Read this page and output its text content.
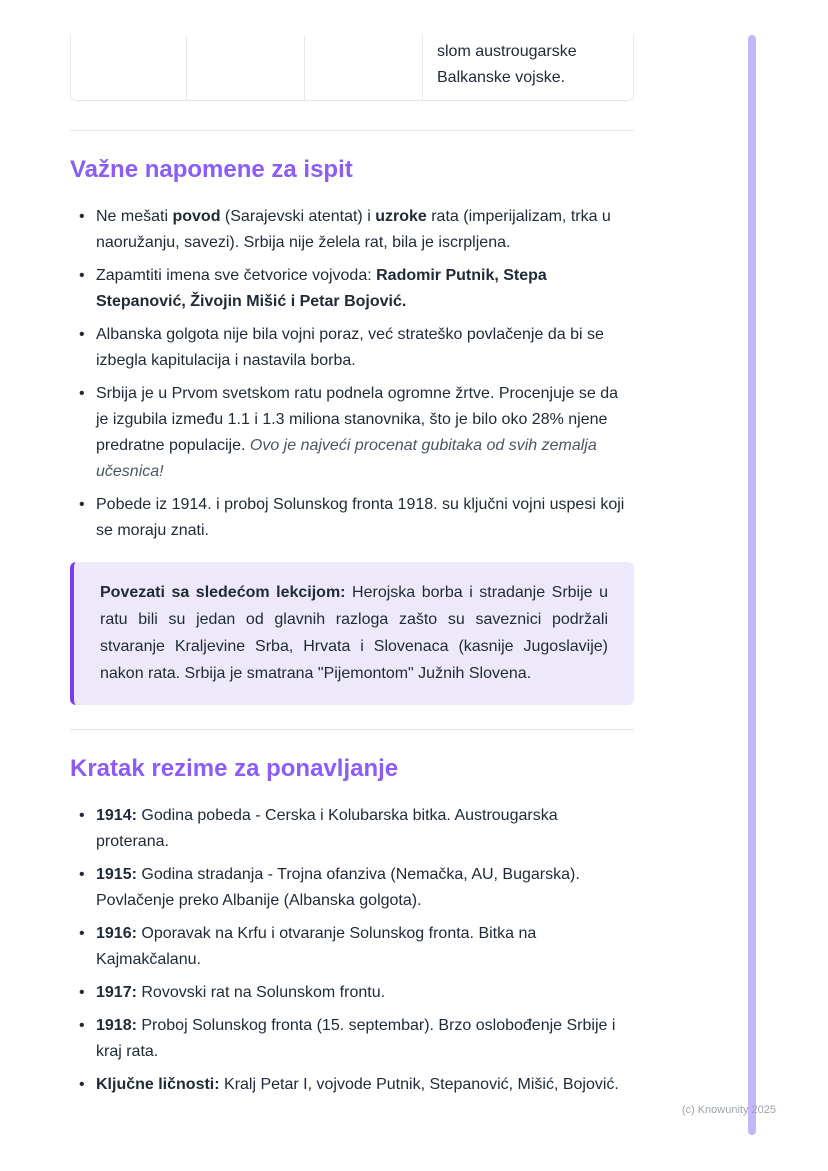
slom austrougarske Balkanske vojske.
Važne napomene za ispit
• Ne mešati povod (Sarajevski atentat) i uzroke rata (imperijalizam, trka u naoružanju, savezi). Srbija nije želela rat, bila je iscrpljena.
• Zapamtiti imena sve četvorice vojvoda: Radomir Putnik, Stepa Stepanović, Živojin Mišić i Petar Bojović.
• Albanska golgota nije bila vojni poraz, već strateško povlačenje da bi se izbegla kapitulacija i nastavila borba.
• Srbija je u Prvom svetskom ratu podnela ogromne žrtve. Procenjuje se da je izgubila između 1.1 i 1.3 miliona stanovnika, što je bilo oko 28% njene predratne populacije. Ovo je najveći procenat gubitaka od svih zemalja učesnica!
• Pobede iz 1914. i proboj Solunskog fronta 1918. su ključni vojni uspesi koji se moraju znati.

Povezati sa sledećom lekcijom: Herojska borba i stradanje Srbije u ratu bili su jedan od glavnih razloga zašto su saveznici podržali stvaranje Kraljevine Srba, Hrvata i Slovenaca (kasnije Jugoslavije) nakon rata. Srbija je smatrana "Pijemontom" Južnih Slovena.

Kratak rezime za ponavljanje
• 1914: Godina pobeda - Cerska i Kolubarska bitka. Austrougarska proterana.
• 1915: Godina stradanja - Trojna ofanziva (Nemačka, AU, Bugarska). Povlačenje preko Albanije (Albanska golgota).
• 1916: Oporavak na Krfu i otvaranje Solunskog fronta. Bitka na Kajmakčalanu.
• 1917: Rovovski rat na Solunskom frontu.
• 1918: Proboj Solunskog fronta (15. septembar). Brzo oslobođenje Srbije i kraj rata.
• Ključne ličnosti: Kralj Petar I, vojvode Putnik, Stepanović, Mišić, Bojović.
(c) Knowunity 2025
